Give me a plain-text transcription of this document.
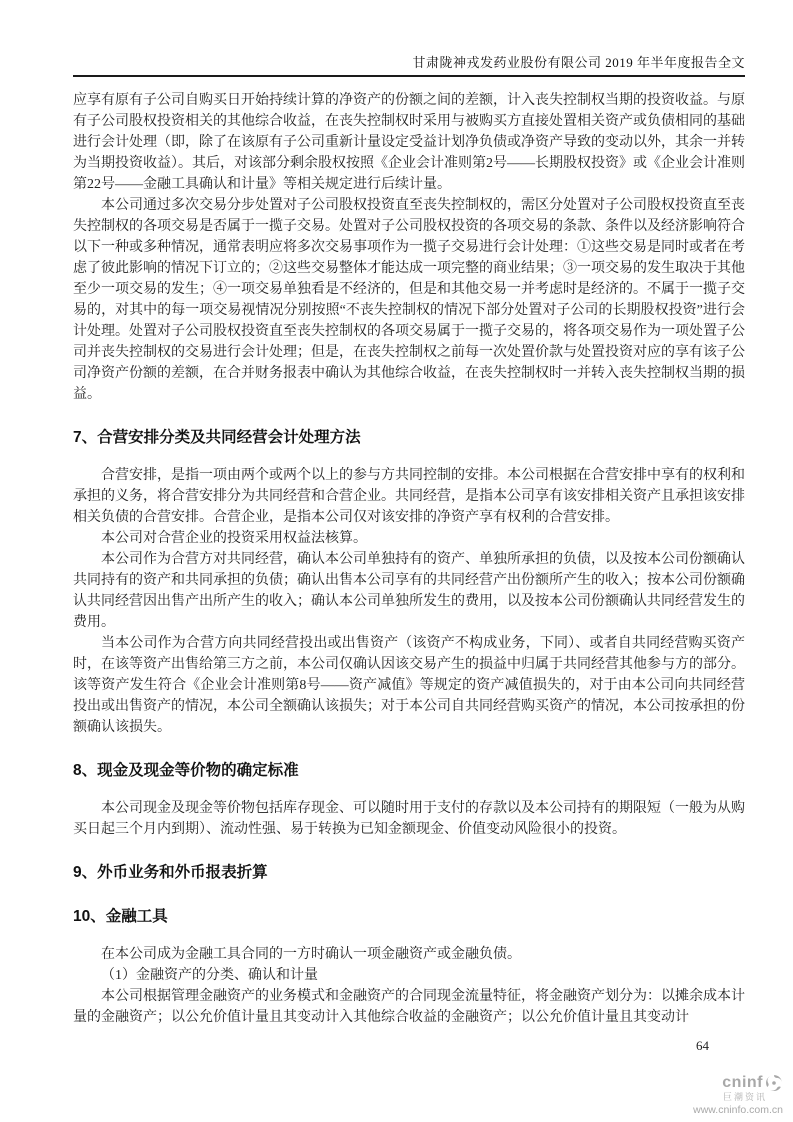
甘肃陇神戎发药业股份有限公司 2019 年半年度报告全文

应享有原有子公司自购买日开始持续计算的净资产的份额之间的差额，计入丧失控制权当期的投资收益。与原有子公司股权投资相关的其他综合收益，在丧失控制权时采用与被购买方直接处置相关资产或负债相同的基础进行会计处理（即，除了在该原有子公司重新计量设定受益计划净负债或净资产导致的变动以外，其余一并转为当期投资收益）。其后，对该部分剩余股权按照《企业会计准则第2号——长期股权投资》或《企业会计准则第22号——金融工具确认和计量》等相关规定进行后续计量。

本公司通过多次交易分步处置对子公司股权投资直至丧失控制权的，需区分处置对子公司股权投资直至丧失控制权的各项交易是否属于一揽子交易。处置对子公司股权投资的各项交易的条款、条件以及经济影响符合以下一种或多种情况，通常表明应将多次交易事项作为一揽子交易进行会计处理：①这些交易是同时或者在考虑了彼此影响的情况下订立的；②这些交易整体才能达成一项完整的商业结果；③一项交易的发生取决于其他至少一项交易的发生；④一项交易单独看是不经济的，但是和其他交易一并考虑时是经济的。不属于一揽子交易的，对其中的每一项交易视情况分别按照“不丧失控制权的情况下部分处置对子公司的长期股权投资”进行会计处理。处置对子公司股权投资直至丧失控制权的各项交易属于一揽子交易的，将各项交易作为一项处置子公司并丧失控制权的交易进行会计处理；但是，在丧失控制权之前每一次处置价款与处置投资对应的享有该子公司净资产份额的差额，在合并财务报表中确认为其他综合收益，在丧失控制权时一并转入丧失控制权当期的损益。

7、合营安排分类及共同经营会计处理方法

合营安排，是指一项由两个或两个以上的参与方共同控制的安排。本公司根据在合营安排中享有的权利和承担的义务，将合营安排分为共同经营和合营企业。共同经营，是指本公司享有该安排相关资产且承担该安排相关负债的合营安排。合营企业，是指本公司仅对该安排的净资产享有权利的合营安排。

本公司对合营企业的投资采用权益法核算。

本公司作为合营方对共同经营，确认本公司单独持有的资产、单独所承担的负债，以及按本公司份额确认共同持有的资产和共同承担的负债；确认出售本公司享有的共同经营产出份额所产生的收入；按本公司份额确认共同经营因出售产出所产生的收入；确认本公司单独所发生的费用，以及按本公司份额确认共同经营发生的费用。

当本公司作为合营方向共同经营投出或出售资产（该资产不构成业务，下同）、或者自共同经营购买资产时，在该等资产出售给第三方之前，本公司仅确认因该交易产生的损益中归属于共同经营其他参与方的部分。该等资产发生符合《企业会计准则第8号——资产减值》等规定的资产减值损失的，对于由本公司向共同经营投出或出售资产的情况，本公司全额确认该损失；对于本公司自共同经营购买资产的情况，本公司按承担的份额确认该损失。

8、现金及现金等价物的确定标准

本公司现金及现金等价物包括库存现金、可以随时用于支付的存款以及本公司持有的期限短（一般为从购买日起三个月内到期）、流动性强、易于转换为已知金额现金、价值变动风险很小的投资。

9、外币业务和外币报表折算
10、金融工具

在本公司成为金融工具合同的一方时确认一项金融资产或金融负债。

（1）金融资产的分类、确认和计量

本公司根据管理金融资产的业务模式和金融资产的合同现金流量特征，将金融资产划分为：以摊余成本计量的金融资产；以公允价值计量且其变动计入其他综合收益的金融资产；以公允价值计量且其变动计

64
cninf
巨潮资讯
www.cninfo.com.cn
